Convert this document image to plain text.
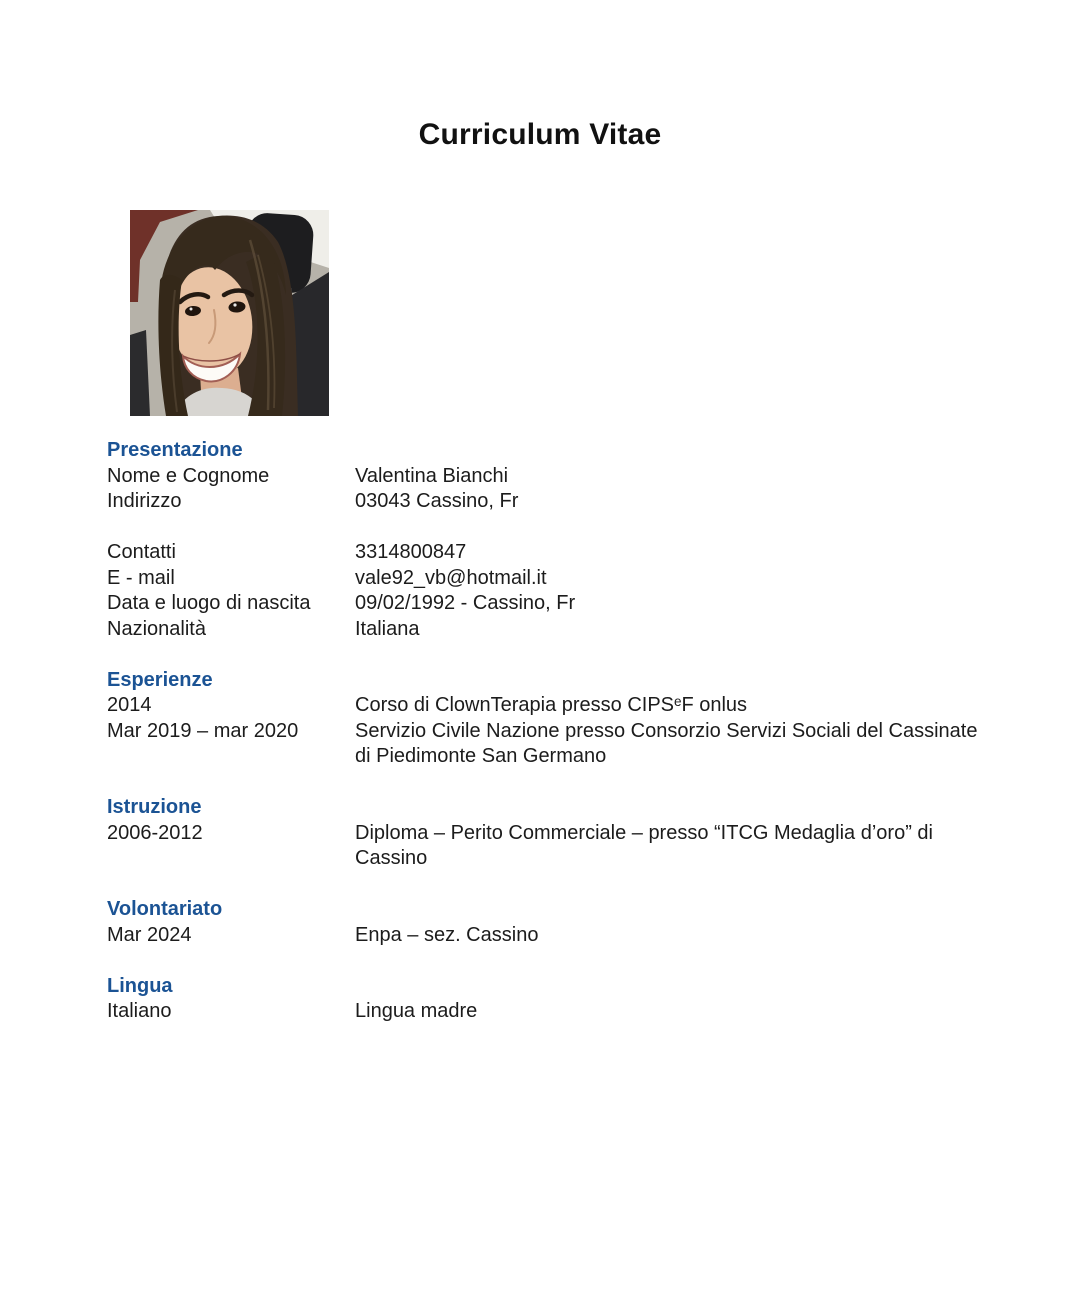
Curriculum Vitae
Presentazione
Nome e Cognome	Valentina Bianchi
Indirizzo	03043 Cassino, Fr
Contatti	3314800847
E - mail	vale92_vb@hotmail.it
Data e luogo di nascita	09/02/1992 - Cassino, Fr
Nazionalità	Italiana
Esperienze
2014	Corso di ClownTerapia presso CIPSᵉF onlus
Mar 2019 – mar 2020	Servizio Civile Nazione presso Consorzio Servizi Sociali del Cassinate di Piedimonte San Germano
Istruzione
2006-2012	Diploma – Perito Commerciale – presso “ITCG Medaglia d’oro” di Cassino
Volontariato
Mar 2024	Enpa – sez. Cassino
Lingua
Italiano	Lingua madre
